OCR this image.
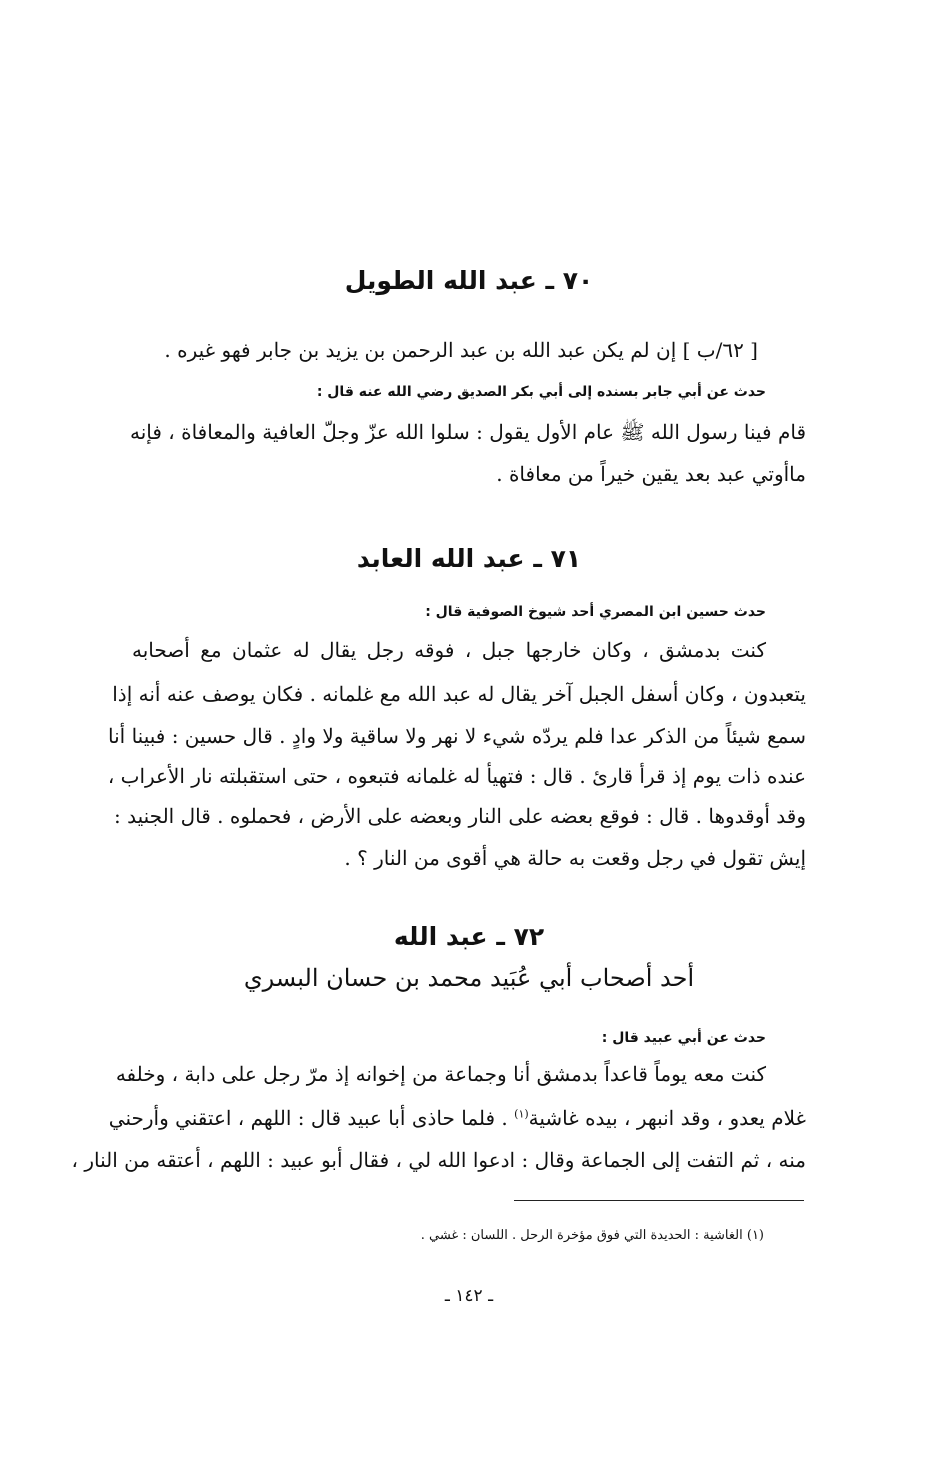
٧٠ ـ عبد الله الطويل
[ ٦٢/ب ] إن لم يكن عبد الله بن عبد الرحمن بن يزيد بن جابر فهو غيره .
حدث عن أبي جابر بسنده إلى أبي بكر الصديق رضي الله عنه قال :
قام فينا رسول الله ﷺ عام الأول يقول : سلوا الله عزّ وجلّ العافية والمعافاة ، فإنه
ماأوتي عبد بعد يقين خيراً من معافاة .
٧١ ـ عبد الله العابد
حدث حسين ابن المصري أحد شيوخ الصوفية قال :
كنت بدمشق ، وكان خارجها جبل ، فوقه رجل يقال له عثمان مع أصحابه
يتعبدون ، وكان أسفل الجبل آخر يقال له عبد الله مع غلمانه . فكان يوصف عنه أنه إذا
سمع شيئاً من الذكر عدا فلم يردّه شيء لا نهر ولا ساقية ولا وادٍ . قال حسين : فبينا أنا
عنده ذات يوم إذ قرأ قارئ . قال : فتهيأ له غلمانه فتبعوه ، حتى استقبلته نار الأعراب ،
وقد أوقدوها . قال : فوقع بعضه على النار وبعضه على الأرض ، فحملوه . قال الجنيد :
إيش تقول في رجل وقعت به حالة هي أقوى من النار ؟ .
٧٢ ـ عبد الله
أحد أصحاب أبي عُبَيد محمد بن حسان البسري
حدث عن أبي عبيد قال :
كنت معه يوماً قاعداً بدمشق أنا وجماعة من إخوانه إذ مرّ رجل على دابة ، وخلفه
غلام يعدو ، وقد انبهر ، بيده غاشية$^{(١)}$ . فلما حاذى أبا عبيد قال : اللهم ، اعتقني وأرحني
منه ، ثم التفت إلى الجماعة وقال : ادعوا الله لي ، فقال أبو عبيد : اللهم ، أعتقه من النار ،
(١) الغاشية : الحديدة التي فوق مؤخرة الرحل . اللسان : غشي .
ـ ١٤٢ ـ
